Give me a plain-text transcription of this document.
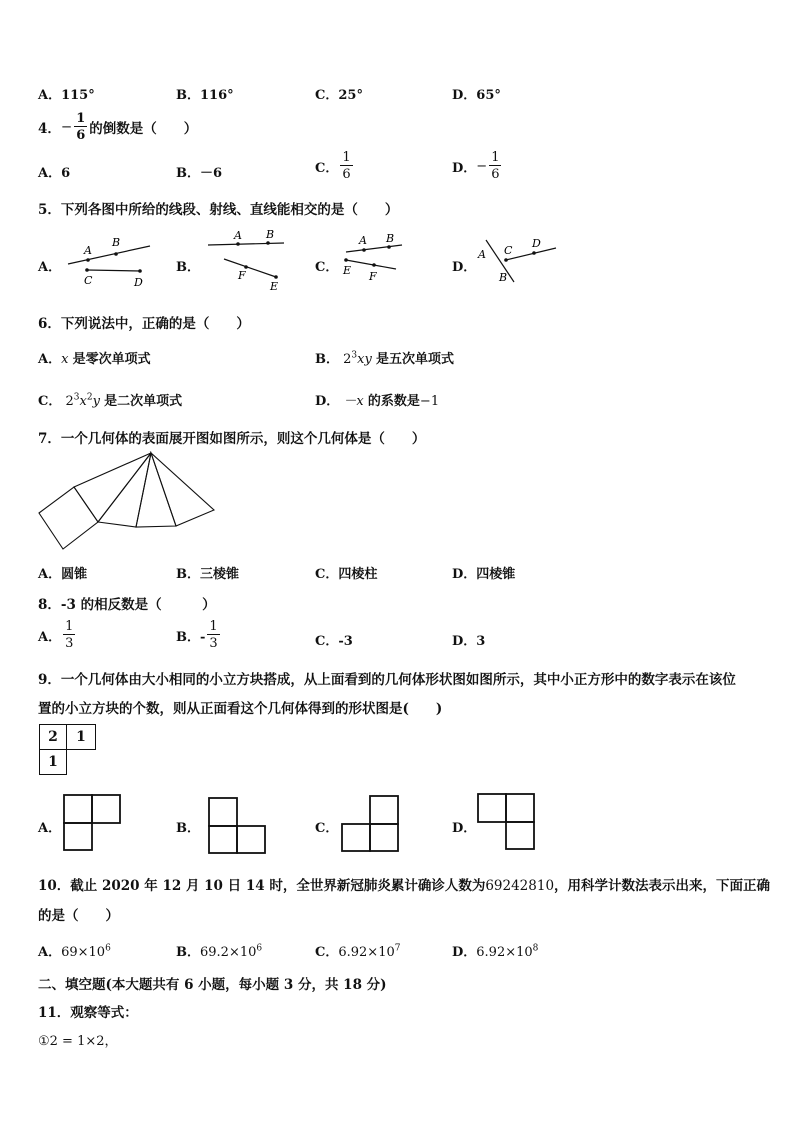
A．115°	B．116°	C．25°	D．65°
4． − $\frac{1}{6}$ 的倒数是（　　）
A．6	B．－6	C． $\frac{1}{6}$	D． − $\frac{1}{6}$
5．下列各图中所给的线段、射线、直线能相交的是（　　）
A．	B．	C．	D．
A
B
C	D
A B
F
E
A B
E F
A C
D
B
6．下列说法中，正确的是（　　）
A．x 是零次单项式	B． $2^3xy$ 是五次单项式
C． $2^3x^2y$ 是二次单项式	D． －x 的系数是−1
7．一个几何体的表面展开图如图所示，则这个几何体是（　　）
A．圆锥	B．三棱锥	C．四棱柱	D．四棱锥
8．-3 的相反数是（　　　）
A． $\frac{1}{3}$	B．- $\frac{1}{3}$	C．-3	D．3
9．一个几何体由大小相同的小立方块搭成，从上面看到的几何体形状图如图所示，其中小正方形中的数字表示在该位
置的小立方块的个数，则从正面看这个几何体得到的形状图是(　　)
2	1
1
A．	B．	C．	D．
10．截止 2020 年 12 月 10 日 14 时，全世界新冠肺炎累计确诊人数为69242810，用科学计数法表示出来，下面正确
的是（　　）
A．$69\times 10^6$	B．$69.2\times 10^6$	C．$6.92\times 10^7$	D．$6.92\times 10^8$
二、填空题(本大题共有 6 小题，每小题 3 分，共 18 分)
11．观察等式：
①2 = 1×2，
